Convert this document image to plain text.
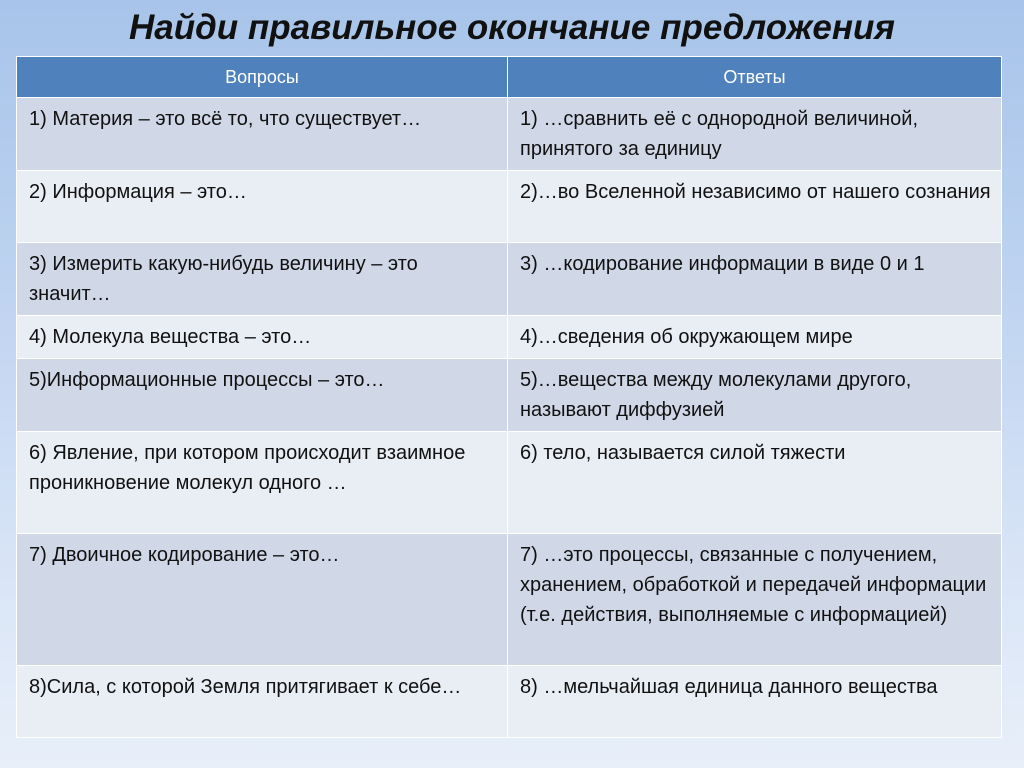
Найди правильное окончание предложения
Вопросы	Ответы
1) Материя – это всё то, что существует…	1) …сравнить её с однородной величиной, принятого за единицу
2) Информация – это…	2)…во Вселенной независимо от нашего сознания
3) Измерить какую-нибудь величину – это значит…	3) …кодирование информации в виде 0 и 1
4) Молекула вещества – это…	4)…сведения об окружающем мире
5)Информационные процессы – это…	5)…вещества между молекулами другого, называют диффузией
6) Явление, при котором происходит взаимное проникновение молекул одного …	6) тело, называется силой тяжести
7) Двоичное кодирование – это…	7) …это процессы, связанные с получением, хранением, обработкой и передачей информации (т.е. действия, выполняемые с информацией)
8)Сила, с которой Земля притягивает к себе…	8) …мельчайшая единица данного вещества
